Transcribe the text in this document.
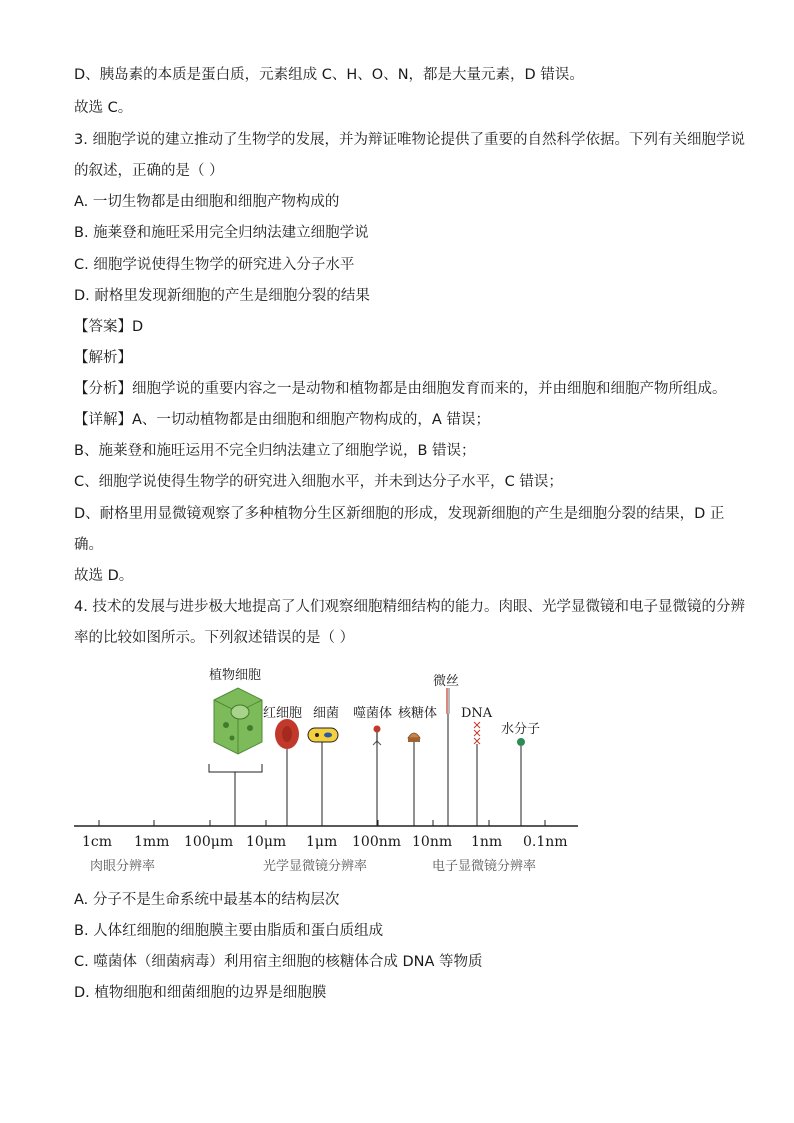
D、胰岛素的本质是蛋白质，元素组成 C、H、O、N，都是大量元素，D 错误。
故选 C。
3. 细胞学说的建立推动了生物学的发展，并为辩证唯物论提供了重要的自然科学依据。下列有关细胞学说
的叙述，正确的是（ ）
A. 一切生物都是由细胞和细胞产物构成的
B. 施莱登和施旺采用完全归纳法建立细胞学说
C. 细胞学说使得生物学的研究进入分子水平
D. 耐格里发现新细胞的产生是细胞分裂的结果
【答案】D
【解析】
【分析】细胞学说的重要内容之一是动物和植物都是由细胞发育而来的，并由细胞和细胞产物所组成。
【详解】A、一切动植物都是由细胞和细胞产物构成的，A 错误；
B、施莱登和施旺运用不完全归纳法建立了细胞学说，B 错误；
C、细胞学说使得生物学的研究进入细胞水平，并未到达分子水平，C 错误；
D、耐格里用显微镜观察了多种植物分生区新细胞的形成，发现新细胞的产生是细胞分裂的结果，D 正
确。
故选 D。
4. 技术的发展与进步极大地提高了人们观察细胞精细结构的能力。肉眼、光学显微镜和电子显微镜的分辨
率的比较如图所示。下列叙述错误的是（ ）
A. 分子不是生命系统中最基本的结构层次
B. 人体红细胞的细胞膜主要由脂质和蛋白质组成
C. 噬菌体（细菌病毒）利用宿主细胞的核糖体合成 DNA 等物质
D. 植物细胞和细菌细胞的边界是细胞膜
植物细胞
红细胞 细菌 噬菌体 核糖体
微丝
DNA
水分子
1cm 1mm 100μm 10μm 1μm 100nm 10nm 1nm 0.1nm
肉眼分辨率	光学显微镜分辨率	电子显微镜分辨率
